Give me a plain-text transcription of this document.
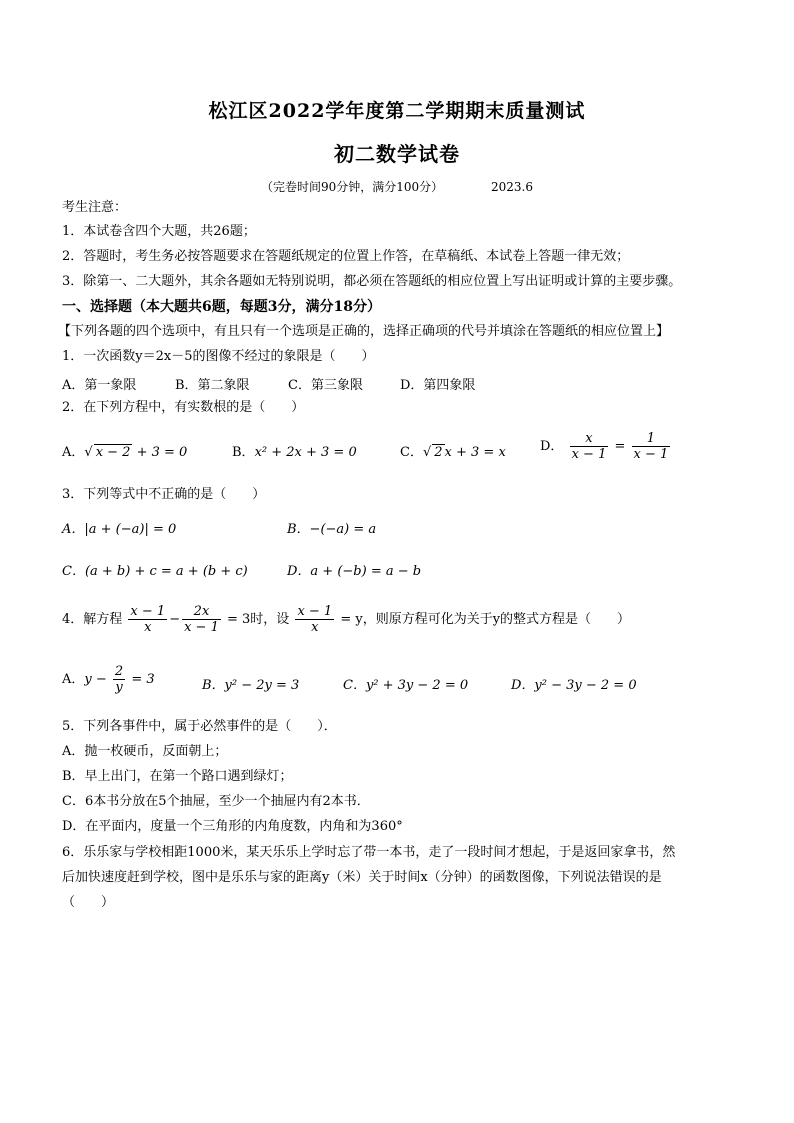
松江区2022学年度第二学期期末质量测试
初二数学试卷
（完卷时间90分钟，满分100分）	2023.6
考生注意：
1．本试卷含四个大题，共26题；
2．答题时，考生务必按答题要求在答题纸规定的位置上作答，在草稿纸、本试卷上答题一律无效；
3．除第一、二大题外，其余各题如无特别说明，都必须在答题纸的相应位置上写出证明或计算的主要步骤。
一、选择题（本大题共6题，每题3分，满分18分）
【下列各题的四个选项中，有且只有一个选项是正确的，选择正确项的代号并填涂在答题纸的相应位置上】
1．一次函数y＝2x－5的图像不经过的象限是（　　）
A．第一象限	B．第二象限	C．第三象限	D．第四象限
2．在下列方程中，有实数根的是（　　）
A．√ x − 2 + 3 = 0	B．x² + 2x + 3 = 0	C．√ 2 x + 3 = x	D． $\frac{x}{x - 1} = \frac{1}{x - 1}$
3．下列等式中不正确的是（　　）
A．|a + (−a)| = 0	B．−(−a) = a
C．(a + b) + c = a + (b + c)	D．a + (−b) = a − b
4．解方程 $\frac{x - 1}{x} - \frac{2x}{x - 1} = 3$时，设 $\frac{x - 1}{x} = y$，则原方程可化为关于y的整式方程是（　　）
A．$y - \frac{2}{y} = 3$	B．y² − 2y = 3	C．y² + 3y − 2 = 0	D．y² − 3y − 2 = 0
5．下列各事件中，属于必然事件的是（　　）．
A．抛一枚硬币，反面朝上；
B．早上出门，在第一个路口遇到绿灯；
C．6本书分放在5个抽屉，至少一个抽屉内有2本书．
D．在平面内，度量一个三角形的内角度数，内角和为360°
6．乐乐家与学校相距1000米，某天乐乐上学时忘了带一本书，走了一段时间才想起，于是返回家拿书，然
后加快速度赶到学校，图中是乐乐与家的距离y（米）关于时间x（分钟）的函数图像，下列说法错误的是
（　　）
